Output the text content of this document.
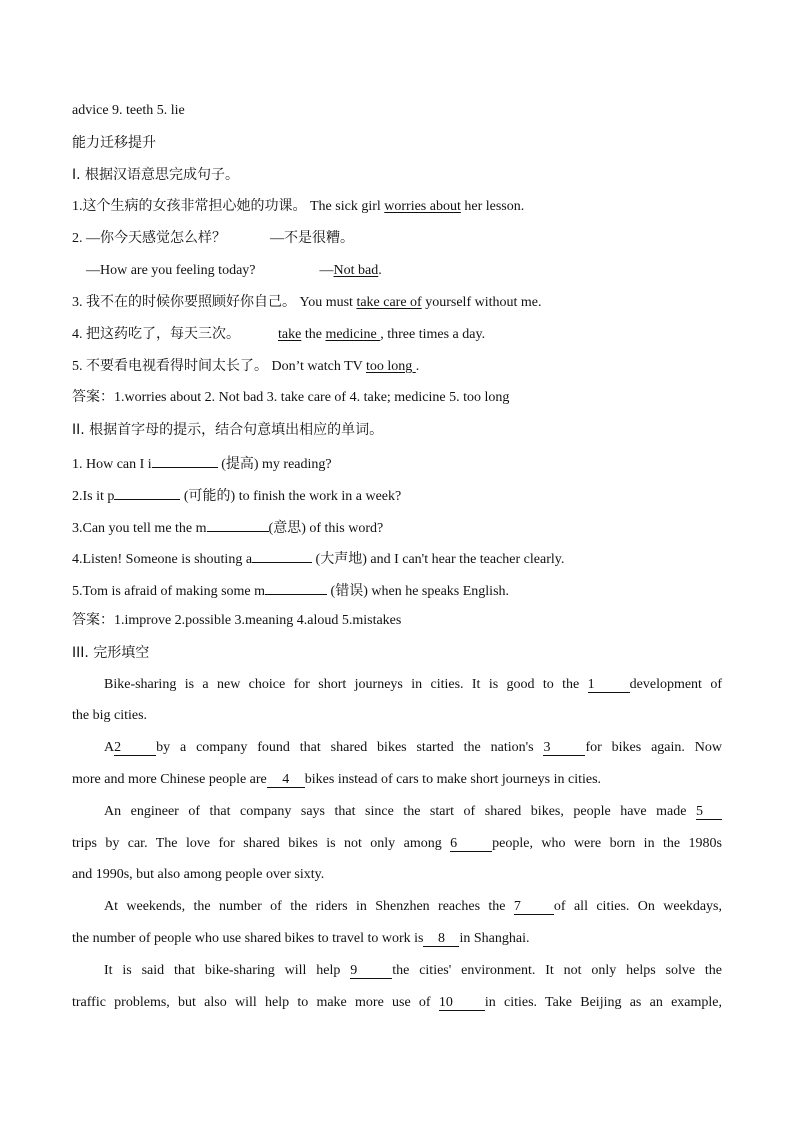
advice 9. teeth 5. lie
能力迁移提升
I. 根据汉语意思完成句子。
1.这个生病的女孩非常担心她的功课。 The sick girl worries about her lesson.
2. —你今天感觉怎么样？	—不是很糟。
—How are you feeling today?	—Not bad.
3. 我不在的时候你要照顾好你自己。 You must take care of yourself without me.
4. 把这药吃了，每天三次。	take the medicine , three times a day.
5. 不要看电视看得时间太长了。 Don’t watch TV too long .
答案：1.worries about 2. Not bad 3. take care of 4. take; medicine 5. too long
II. 根据首字母的提示，结合句意填出相应的单词。
1. How can I i	(提高) my reading?
2.Is it p	(可能的) to finish the work in a week?
3.Can you tell me the m	(意思) of this word?
4.Listen! Someone is shouting a	(大声地) and I can't hear the teacher clearly.
5.Tom is afraid of making some m	(错误) when he speaks English.
答案：1.improve 2.possible 3.meaning 4.aloud 5.mistakes
III. 完形填空
Bike-sharing is a new choice for short journeys in cities. It is good to the 1	development of
the big cities.
A2	by a company found that shared bikes started the nation's 3	for bikes again. Now
more and more Chinese people are 4 bikes instead of cars to make short journeys in cities.
An engineer of that company says that since the start of shared bikes, people have made 5
trips by car. The love for shared bikes is not only among 6	people, who were born in the 1980s
and 1990s, but also among people over sixty.
At weekends, the number of the riders in Shenzhen reaches the 7 of all cities. On weekdays,
the number of people who use shared bikes to travel to work is 8 in Shanghai.
It is said that bike-sharing will help 9	the cities' environment. It not only helps solve the
traffic problems, but also will help to make more use of 10 in cities. Take Beijing as an example,
